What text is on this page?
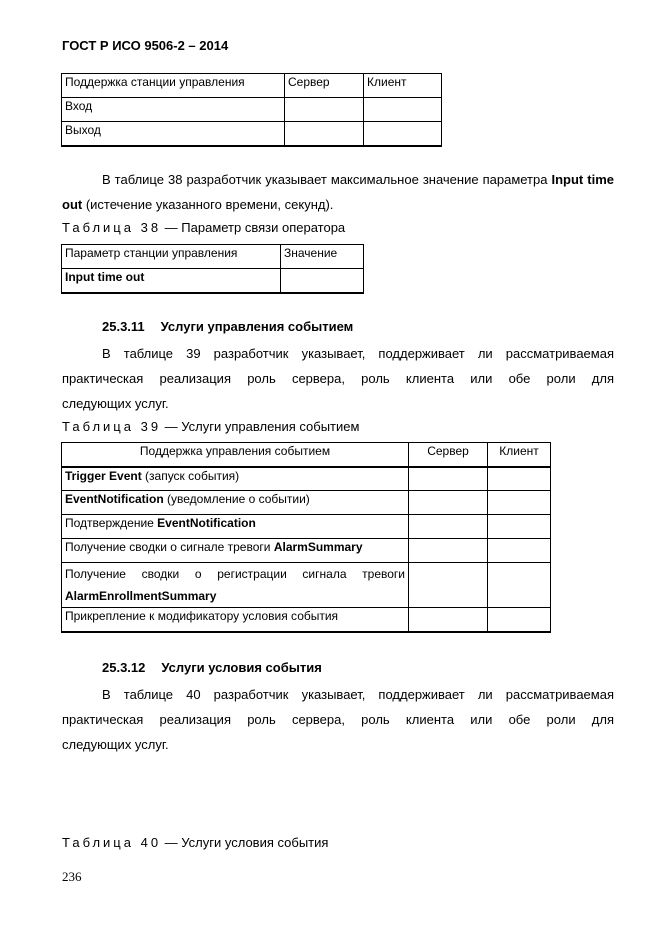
ГОСТ Р ИСО 9506-2 – 2014
Поддержка станции управления	Сервер	Клиент
Вход		
Выход		
В таблице 38 разработчик указывает максимальное значение параметра Input time out (истечение указанного времени, секунд).
Таблица 38 — Параметр связи оператора
Параметр станции управления	Значение
Input time out	
25.3.11 Услуги управления событием
В таблице 39 разработчик указывает, поддерживает ли рассматриваемая
практическая реализация роль сервера, роль клиента или обе роли для
следующих услуг.
Таблица 39 — Услуги управления событием
Поддержка управления событием	Сервер	Клиент
Trigger Event (запуск события)		
EventNotification (уведомление о событии)		
Подтверждение EventNotification		
Получение сводки о сигнале тревоги AlarmSummary		

Получение сводки о регистрации сигнала тревоги
AlarmEnrollmentSummary		
Прикрепление к модификатору условия события		
25.3.12 Услуги условия события
В таблице 40 разработчик указывает, поддерживает ли рассматриваемая
практическая реализация роль сервера, роль клиента или обе роли для
следующих услуг.
Таблица 40 — Услуги условия события
236
